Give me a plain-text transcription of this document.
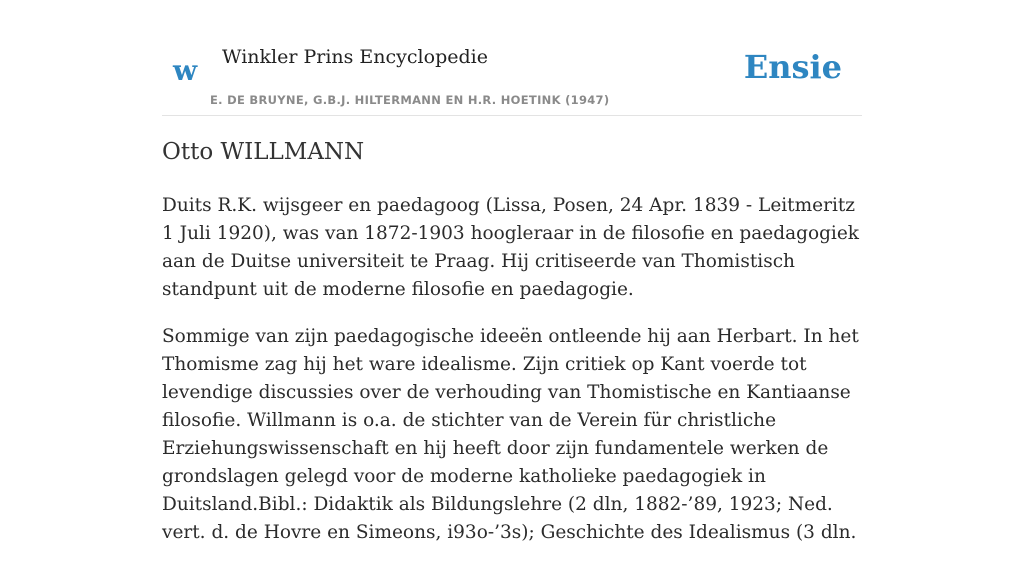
w Winkler Prins Encyclopedie
E. DE BRUYNE, G.B.J. HILTERMANN EN H.R. HOETINK (1947)
Ensie
Otto WILLMANN

Duits R.K. wijsgeer en paedagoog (Lissa, Posen, 24 Apr. 1839 - Leitmeritz 1 Juli 1920), was van 1872-1903 hoogleraar in de filosofie en paedagogiek aan de Duitse universiteit te Praag. Hij critiseerde van Thomistisch standpunt uit de moderne filosofie en paedagogie.

Sommige van zijn paedagogische ideeën ontleende hij aan Herbart. In het Thomisme zag hij het ware idealisme. Zijn critiek op Kant voerde tot levendige discussies over de verhouding van Thomistische en Kantiaanse filosofie. Willmann is o.a. de stichter van de Verein für christliche Erziehungswissenschaft en hij heeft door zijn fundamentele werken de grondslagen gelegd voor de moderne katholieke paedagogiek in Duitsland.Bibl.: Didaktik als Bildungslehre (2 dln, 1882-’89, 1923; Ned. vert. d. de Hovre en Simeons, i93o-’3s); Geschichte des Idealismus (3 dln.
